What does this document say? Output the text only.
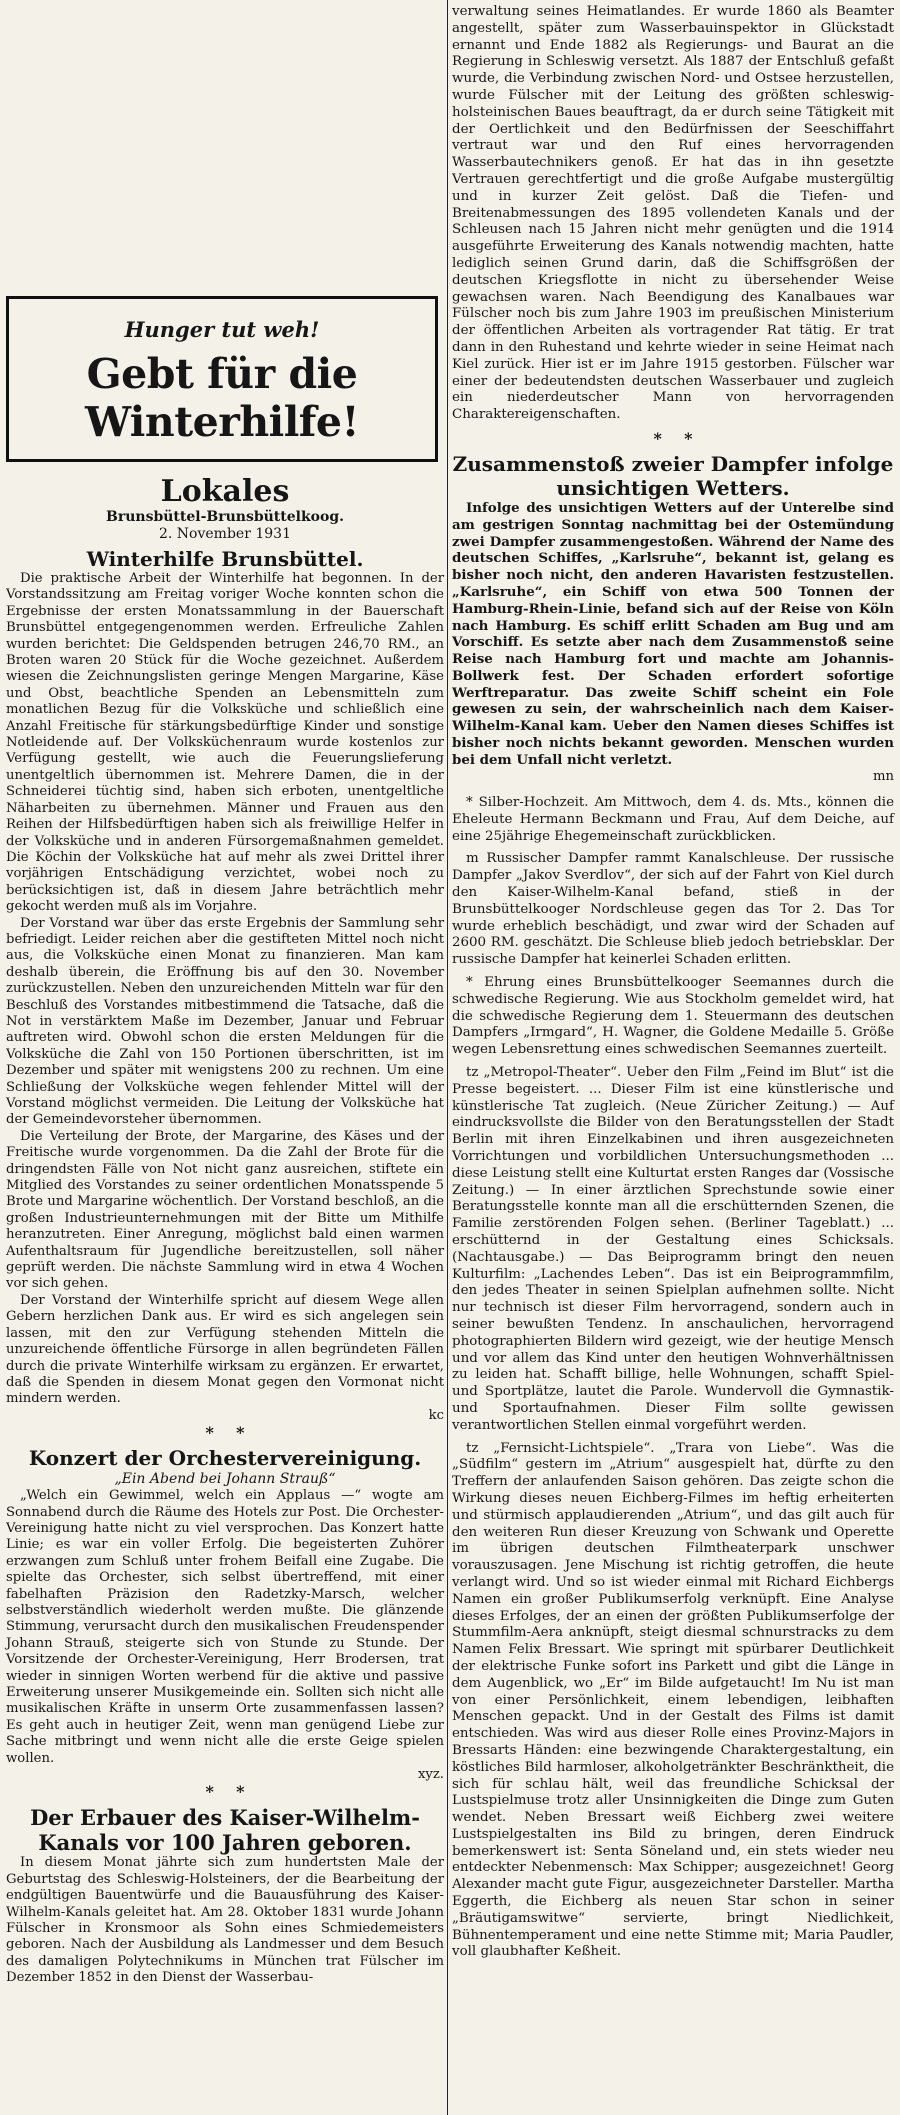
Hunger tut weh!
Gebt für die Winterhilfe!
Lokales
Brunsbüttel-Brunsbüttelkoog.
2. November 1931
Winterhilfe Brunsbüttel.

Die praktische Arbeit der Winterhilfe hat begonnen. In der Vorstandssitzung am Freitag voriger Woche konnten schon die Ergebnisse der ersten Monatssammlung in der Bauerschaft Brunsbüttel entgegengenommen werden. Erfreuliche Zahlen wurden berichtet: Die Geldspenden betrugen 246,70 RM., an Broten waren 20 Stück für die Woche gezeichnet. Außerdem wiesen die Zeichnungslisten geringe Mengen Margarine, Käse und Obst, beachtliche Spenden an Lebensmitteln zum monatlichen Bezug für die Volksküche und schließlich eine Anzahl Freitische für stärkungsbedürftige Kinder und sonstige Notleidende auf. Der Volksküchenraum wurde kostenlos zur Verfügung gestellt, wie auch die Feuerungslieferung unentgeltlich übernommen ist. Mehrere Damen, die in der Schneiderei tüchtig sind, haben sich erboten, unentgeltliche Näharbeiten zu übernehmen. Männer und Frauen aus den Reihen der Hilfsbedürftigen haben sich als freiwillige Helfer in der Volksküche und in anderen Fürsorgemaßnahmen gemeldet. Die Köchin der Volksküche hat auf mehr als zwei Drittel ihrer vorjährigen Entschädigung verzichtet, wobei noch zu berücksichtigen ist, daß in diesem Jahre beträchtlich mehr gekocht werden muß als im Vorjahre.

Der Vorstand war über das erste Ergebnis der Sammlung sehr befriedigt. Leider reichen aber die gestifteten Mittel noch nicht aus, die Volksküche einen Monat zu finanzieren. Man kam deshalb überein, die Eröffnung bis auf den 30. November zurückzustellen. Neben den unzureichenden Mitteln war für den Beschluß des Vorstandes mitbestimmend die Tatsache, daß die Not in verstärktem Maße im Dezember, Januar und Februar auftreten wird. Obwohl schon die ersten Meldungen für die Volksküche die Zahl von 150 Portionen überschritten, ist im Dezember und später mit wenigstens 200 zu rechnen. Um eine Schließung der Volksküche wegen fehlender Mittel will der Vorstand möglichst vermeiden. Die Leitung der Volksküche hat der Gemeindevorsteher übernommen.

Die Verteilung der Brote, der Margarine, des Käses und der Freitische wurde vorgenommen. Da die Zahl der Brote für die dringendsten Fälle von Not nicht ganz ausreichen, stiftete ein Mitglied des Vorstandes zu seiner ordentlichen Monatsspende 5 Brote und Margarine wöchentlich. Der Vorstand beschloß, an die großen Industrieunternehmungen mit der Bitte um Mithilfe heranzutreten. Einer Anregung, möglichst bald einen warmen Aufenthaltsraum für Jugendliche bereitzustellen, soll näher geprüft werden. Die nächste Sammlung wird in etwa 4 Wochen vor sich gehen.

Der Vorstand der Winterhilfe spricht auf diesem Wege allen Gebern herzlichen Dank aus. Er wird es sich angelegen sein lassen, mit den zur Verfügung stehenden Mitteln die unzureichende öffentliche Fürsorge in allen begründeten Fällen durch die private Winterhilfe wirksam zu ergänzen. Er erwartet, daß die Spenden in diesem Monat gegen den Vormonat nicht mindern werden.

kc

*    *
Konzert der Orchestervereinigung.
„Ein Abend bei Johann Strauß“

„Welch ein Gewimmel, welch ein Applaus —“ wogte am Sonnabend durch die Räume des Hotels zur Post. Die Orchester-Vereinigung hatte nicht zu viel versprochen. Das Konzert hatte Linie; es war ein voller Erfolg. Die begeisterten Zuhörer erzwangen zum Schluß unter frohem Beifall eine Zugabe. Die spielte das Orchester, sich selbst übertreffend, mit einer fabelhaften Präzision den Radetzky-Marsch, welcher selbstverständlich wiederholt werden mußte. Die glänzende Stimmung, verursacht durch den musikalischen Freudenspender Johann Strauß, steigerte sich von Stunde zu Stunde. Der Vorsitzende der Orchester-Vereinigung, Herr Brodersen, trat wieder in sinnigen Worten werbend für die aktive und passive Erweiterung unserer Musikgemeinde ein. Sollten sich nicht alle musikalischen Kräfte in unserm Orte zusammenfassen lassen? Es geht auch in heutiger Zeit, wenn man genügend Liebe zur Sache mitbringt und wenn nicht alle die erste Geige spielen wollen.

xyz.

*    *
Der Erbauer des Kaiser-Wilhelm-Kanals vor 100 Jahren geboren.

In diesem Monat jährte sich zum hundertsten Male der Geburtstag des Schleswig-Holsteiners, der die Bearbeitung der endgültigen Bauentwürfe und die Bauausführung des Kaiser-Wilhelm-Kanals geleitet hat. Am 28. Oktober 1831 wurde Johann Fülscher in Kronsmoor als Sohn eines Schmiedemeisters geboren. Nach der Ausbildung als Landmesser und dem Besuch des damaligen Polytechnikums in München trat Fülscher im Dezember 1852 in den Dienst der Wasserbau-

verwaltung seines Heimatlandes. Er wurde 1860 als Beamter angestellt, später zum Wasserbauinspektor in Glückstadt ernannt und Ende 1882 als Regierungs- und Baurat an die Regierung in Schleswig versetzt. Als 1887 der Entschluß gefaßt wurde, die Verbindung zwischen Nord- und Ostsee herzustellen, wurde Fülscher mit der Leitung des größten schleswig-holsteinischen Baues beauftragt, da er durch seine Tätigkeit mit der Oertlichkeit und den Bedürfnissen der Seeschiffahrt vertraut war und den Ruf eines hervorragenden Wasserbautechnikers genoß. Er hat das in ihn gesetzte Vertrauen gerechtfertigt und die große Aufgabe mustergültig und in kurzer Zeit gelöst. Daß die Tiefen- und Breitenabmessungen des 1895 vollendeten Kanals und der Schleusen nach 15 Jahren nicht mehr genügten und die 1914 ausgeführte Erweiterung des Kanals notwendig machten, hatte lediglich seinen Grund darin, daß die Schiffsgrößen der deutschen Kriegsflotte in nicht zu übersehender Weise gewachsen waren. Nach Beendigung des Kanalbaues war Fülscher noch bis zum Jahre 1903 im preußischen Ministerium der öffentlichen Arbeiten als vortragender Rat tätig. Er trat dann in den Ruhestand und kehrte wieder in seine Heimat nach Kiel zurück. Hier ist er im Jahre 1915 gestorben. Fülscher war einer der bedeutendsten deutschen Wasserbauer und zugleich ein niederdeutscher Mann von hervorragenden Charaktereigenschaften.

*    *
Zusammenstoß zweier Dampfer infolge unsichtigen Wetters.

Infolge des unsichtigen Wetters auf der Unterelbe sind am gestrigen Sonntag nachmittag bei der Ostemündung zwei Dampfer zusammengestoßen. Während der Name des deutschen Schiffes, „Karlsruhe“, bekannt ist, gelang es bisher noch nicht, den anderen Havaristen festzustellen. „Karlsruhe“, ein Schiff von etwa 500 Tonnen der Hamburg-Rhein-Linie, befand sich auf der Reise von Köln nach Hamburg. Es schiff erlitt Schaden am Bug und am Vorschiff. Es setzte aber nach dem Zusammenstoß seine Reise nach Hamburg fort und machte am Johannis-Bollwerk fest. Der Schaden erfordert sofortige Werftreparatur. Das zweite Schiff scheint ein Fole gewesen zu sein, der wahrscheinlich nach dem Kaiser-Wilhelm-Kanal kam. Ueber den Namen dieses Schiffes ist bisher noch nichts bekannt geworden. Menschen wurden bei dem Unfall nicht verletzt.

mn

* Silber-Hochzeit. Am Mittwoch, dem 4. ds. Mts., können die Eheleute Hermann Beckmann und Frau, Auf dem Deiche, auf eine 25jährige Ehegemeinschaft zurückblicken.

m Russischer Dampfer rammt Kanalschleuse. Der russische Dampfer „Jakov Sverdlov“, der sich auf der Fahrt von Kiel durch den Kaiser-Wilhelm-Kanal befand, stieß in der Brunsbüttelkooger Nordschleuse gegen das Tor 2. Das Tor wurde erheblich beschädigt, und zwar wird der Schaden auf 2600 RM. geschätzt. Die Schleuse blieb jedoch betriebsklar. Der russische Dampfer hat keinerlei Schaden erlitten.

* Ehrung eines Brunsbüttelkooger Seemannes durch die schwedische Regierung. Wie aus Stockholm gemeldet wird, hat die schwedische Regierung dem 1. Steuermann des deutschen Dampfers „Irmgard“, H. Wagner, die Goldene Medaille 5. Größe wegen Lebensrettung eines schwedischen Seemannes zuerteilt.

tz „Metropol-Theater“. Ueber den Film „Feind im Blut“ ist die Presse begeistert. ... Dieser Film ist eine künstlerische und künstlerische Tat zugleich. (Neue Züricher Zeitung.) — Auf eindrucksvollste die Bilder von den Beratungsstellen der Stadt Berlin mit ihren Einzelkabinen und ihren ausgezeichneten Vorrichtungen und vorbildlichen Untersuchungsmethoden ... diese Leistung stellt eine Kulturtat ersten Ranges dar (Vossische Zeitung.) — In einer ärztlichen Sprechstunde sowie einer Beratungsstelle konnte man all die erschütternden Szenen, die Familie zerstörenden Folgen sehen. (Berliner Tageblatt.) ... erschütternd in der Gestaltung eines Schicksals. (Nachtausgabe.) — Das Beiprogramm bringt den neuen Kulturfilm: „Lachendes Leben“. Das ist ein Beiprogrammfilm, den jedes Theater in seinen Spielplan aufnehmen sollte. Nicht nur technisch ist dieser Film hervorragend, sondern auch in seiner bewußten Tendenz. In anschaulichen, hervorragend photographierten Bildern wird gezeigt, wie der heutige Mensch und vor allem das Kind unter den heutigen Wohnverhältnissen zu leiden hat. Schafft billige, helle Wohnungen, schafft Spiel- und Sportplätze, lautet die Parole. Wundervoll die Gymnastik- und Sportaufnahmen. Dieser Film sollte gewissen verantwortlichen Stellen einmal vorgeführt werden.

tz „Fernsicht-Lichtspiele“. „Trara von Liebe“. Was die „Südfilm“ gestern im „Atrium“ ausgespielt hat, dürfte zu den Treffern der anlaufenden Saison gehören. Das zeigte schon die Wirkung dieses neuen Eichberg-Filmes im heftig erheiterten und stürmisch applaudierenden „Atrium“, und das gilt auch für den weiteren Run dieser Kreuzung von Schwank und Operette im übrigen deutschen Filmtheaterpark unschwer vorauszusagen. Jene Mischung ist richtig getroffen, die heute verlangt wird. Und so ist wieder einmal mit Richard Eichbergs Namen ein großer Publikumserfolg verknüpft. Eine Analyse dieses Erfolges, der an einen der größten Publikumserfolge der Stummfilm-Aera anknüpft, steigt diesmal schnurstracks zu dem Namen Felix Bressart. Wie springt mit spürbarer Deutlichkeit der elektrische Funke sofort ins Parkett und gibt die Länge in dem Augenblick, wo „Er“ im Bilde aufgetaucht! Im Nu ist man von einer Persönlichkeit, einem lebendigen, leibhaften Menschen gepackt. Und in der Gestalt des Films ist damit entschieden. Was wird aus dieser Rolle eines Provinz-Majors in Bressarts Händen: eine bezwingende Charaktergestaltung, ein köstliches Bild harmloser, alkoholgetränkter Beschränktheit, die sich für schlau hält, weil das freundliche Schicksal der Lustspielmuse trotz aller Unsinnigkeiten die Dinge zum Guten wendet. Neben Bressart weiß Eichberg zwei weitere Lustspielgestalten ins Bild zu bringen, deren Eindruck bemerkenswert ist: Senta Söneland und, ein stets wieder neu entdeckter Nebenmensch: Max Schipper; ausgezeichnet! Georg Alexander macht gute Figur, ausgezeichneter Darsteller. Martha Eggerth, die Eichberg als neuen Star schon in seiner „Bräutigamswitwe“ servierte, bringt Niedlichkeit, Bühnentemperament und eine nette Stimme mit; Maria Paudler, voll glaubhafter Keßheit.
